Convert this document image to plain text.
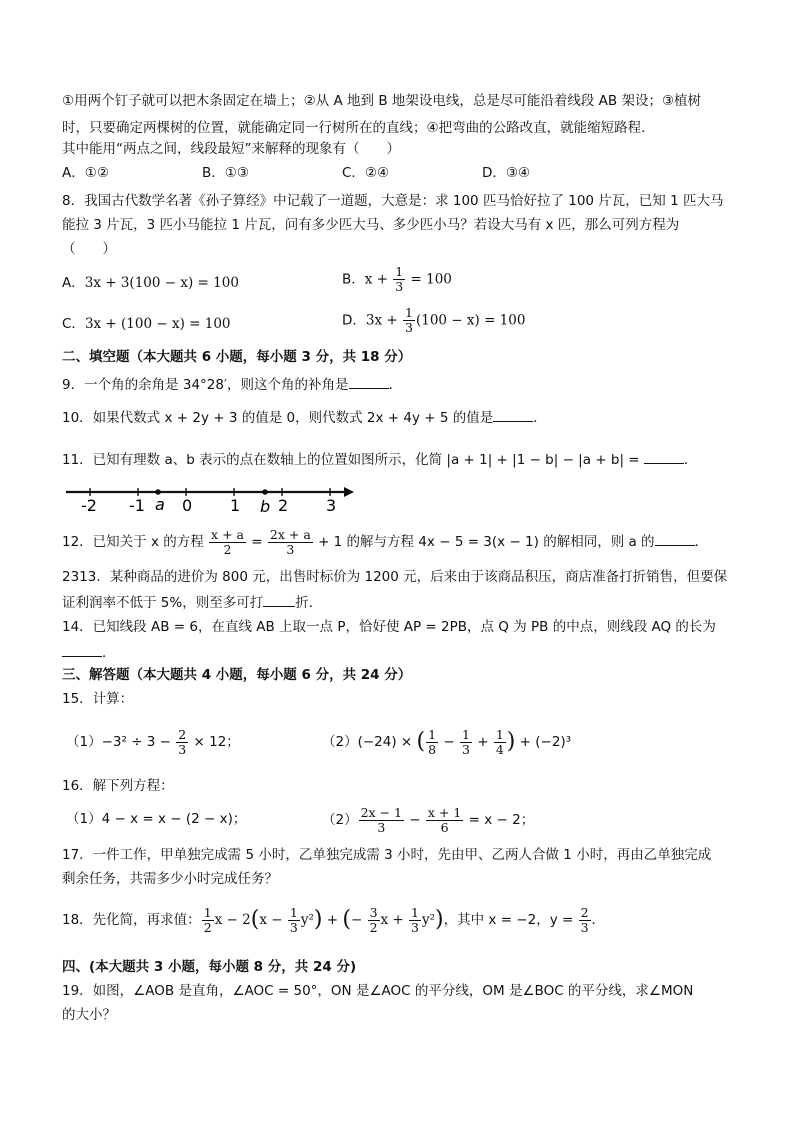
①用两个钉子就可以把木条固定在墙上；②从 A 地到 B 地架设电线，总是尽可能沿着线段 AB 架设；③植树
时，只要确定两棵树的位置，就能确定同一行树所在的直线；④把弯曲的公路改直，就能缩短路程．
其中能用“两点之间，线段最短”来解释的现象有（　　）
A．①②	B．①③	C．②④	D．③④
8．我国古代数学名著《孙子算经》中记载了一道题，大意是：求 100 匹马恰好拉了 100 片瓦，已知 1 匹大马
能拉 3 片瓦，3 匹小马能拉 1 片瓦，问有多少匹大马、多少匹小马？若设大马有 x 匹，那么可列方程为
（　　）
A．3x + 3(100 − x) = 100	B．$x + \frac{1}{3} = 100$
C．3x + (100 − x) = 100	D．$3x + \frac{1}{3} (100 - x) = 100$
二、填空题（本大题共 6 小题，每小题 3 分，共 18 分）
9．一个角的余角是 34°28′，则这个角的补角是	．
10．如果代数式 x + 2y + 3 的值是 0，则代数式 2x + 4y + 5 的值是	．
11．已知有理数 a、b 表示的点在数轴上的位置如图所示，化简 |a + 1| + |1 − b| − |a + b| =	．
-2 -1 0 1 2 3
a	b
12．已知关于 x 的方程 $\frac{x + a}{2} = \frac{2x + a}{3} + 1$ 的解与方程 4x − 5 = 3(x − 1) 的解相同，则 a 的	．
2313．某种商品的进价为 800 元，出售时标价为 1200 元，后来由于该商品积压，商店准备打折销售，但要保
证利润率不低于 5%，则至多可打 折．
14．已知线段 AB = 6，在直线 AB 上取一点 P，恰好使 AP = 2PB，点 Q 为 PB 的中点，则线段 AQ 的长为
．
三、解答题（本大题共 4 小题，每小题 6 分，共 24 分）
15．计算：
$(1)-3^2 \div 3 - \frac{2}{3} \times 12$；	（2）(−24) × ( $\frac{1}{8} - \frac{1}{3} + \frac{1}{4}$ ) + (−2)³
16．解下列方程：
（1）4 − x = x − (2 − x)；	$(2) \frac{2x - 1}{3} - \frac{x + 1}{6} = x - 2$；
17．一件工作，甲单独完成需 5 小时，乙单独完成需 3 小时，先由甲、乙两人合做 1 小时，再由乙单独完成
剩余任务，共需多少小时完成任务？
18．先化简，再求值： $\frac{1}{2}$ $x - 2(x - \frac{1}{3} y^2)$ + (− $\frac{3}{2}$ $x + \frac{1}{3} y^2$)，其中 x = −2，$y = \frac{2}{3}$ ．
四、(本大题共 3 小题，每小题 8 分，共 24 分)
19．如图，∠AOB 是直角，∠AOC = 50°，ON 是∠AOC 的平分线，OM 是∠BOC 的平分线，求∠MON
的大小？
